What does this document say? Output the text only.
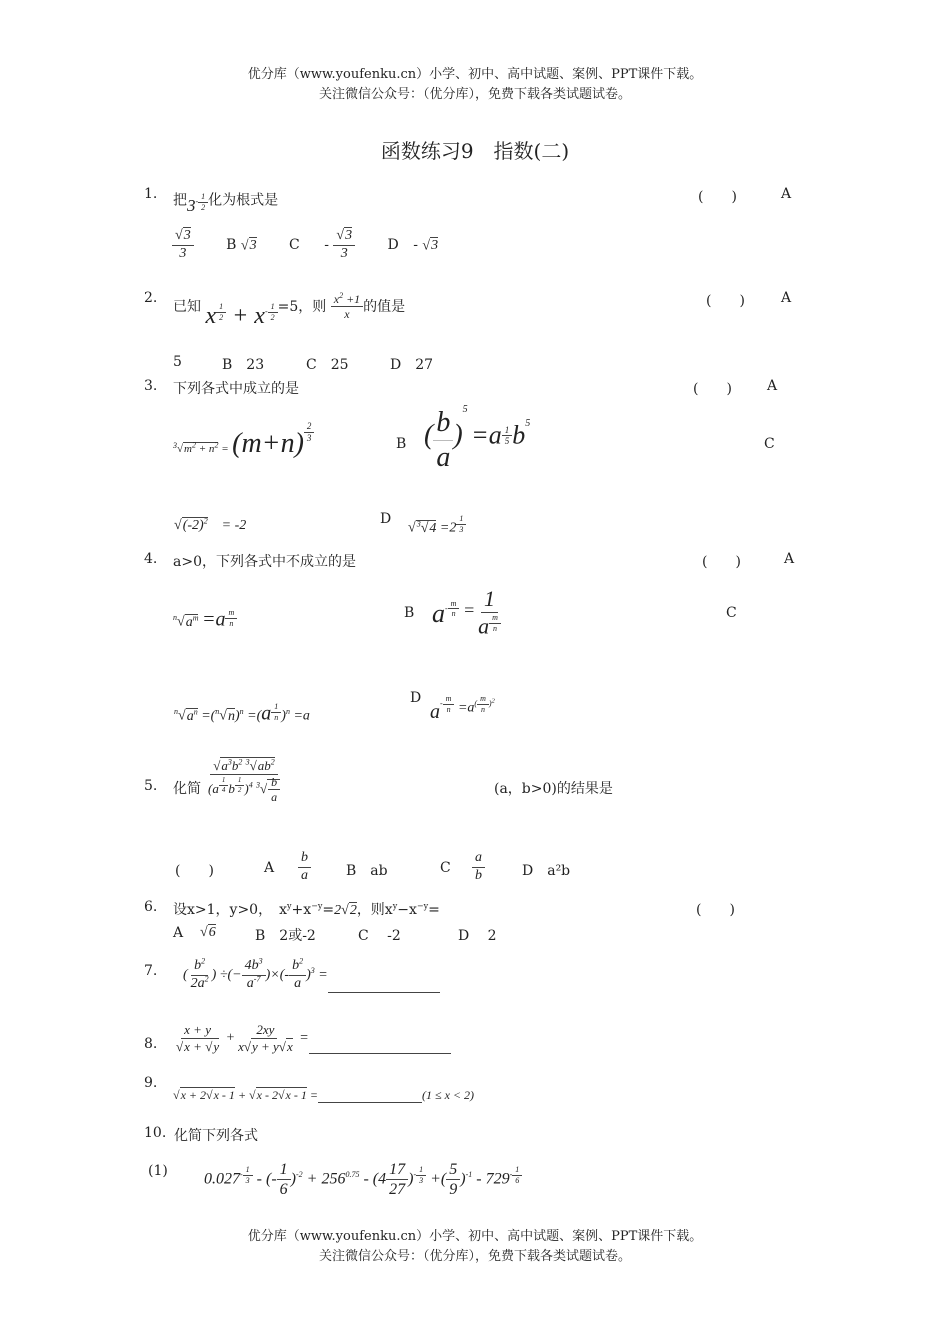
优分库（www.youfenku.cn）小学、初中、高中试题、案例、PPT课件下载。
关注微信公众号：（优分库），免费下载各类试题试卷。
函数练习9　指数(二)
1. 把$3^{- \frac{1}{2}}$ 化为根式是	(　　)	A
$\frac{√3}{3}$ B √3 C - $\frac{√3}{3}$ D - √3
2.
已知 x $^{\frac{1}{2}} + x^{- \frac{1}{2}} =5$，则 $\frac{x^2 +1}{x}$ 的值是	(　　)	A
5	B　23	C　25	D　27
3. 下列各式中成立的是	(　　)	A
$^3√m^2 + n^2 = (m+n)$ $^{\frac{2}{3}}$
B ( $\frac{b}{a} )^5 =a$ $^{\frac{1}{5}}$ $b^5$
C
$√(-2)^2$　= -2	D
√$^3$√4 =2 $^{\frac{1}{3}}$
4. a>0，下列各式中不成立的是	(　　)	A
$^n√a^m =a$ $^{\frac{m}{n}}$	B $a^{- \frac{m}{n}} = 1$
a $^{\frac{m}{n}}$	C
$^n√a^n =(^n√n)^n =(a$ $^{\frac{1}{n}}$ )$^n$ =a
D
$a^{- \frac{m}{n}} =a^{( \frac{m}{n} )^2}$
5. 化简 $√a^3b^2$ $^3√ab^2$
(a $^{\frac{1}{4}}$ b $^{\frac{1}{2}}$ )$^4$ $^3√ \frac{b}{a}$	(a，b>0)的结果是
(　　)	A $\frac{b}{a}$	B　ab	C $\frac{a}{b}$	D　a²b
6. 设x>1，y>0，　$x^y+x^{-y}=2√2$，则$x^y-x^{-y}=$	(　　)
A √6	B　2或-2	C　 -2	D　 2
7. ( $\frac{b^2}{2a^2}$ ) ÷(− $\frac{4b^3}{a^{-7}}$ )×(- $\frac{b^2}{a} )^3$ =
8. $\frac{x + y}{√x + √y} + \frac{2xy}{x√y + y√x}$ =
9.
√x + 2√x - 1 + √x - 2√x - 1 =	(1 ≤ x < 2)
10. 化简下列各式
(1) $0.027^{- \frac{1}{3}}$ - (- $\frac{1}{6} )^{-2} + 256^{0.75} - (4 \frac{17}{27} )^{- \frac{1}{3}}$ +( $\frac{5}{9} )^{-1} - 729^{- \frac{1}{6}}$
优分库（www.youfenku.cn）小学、初中、高中试题、案例、PPT课件下载。
关注微信公众号：（优分库），免费下载各类试题试卷。
